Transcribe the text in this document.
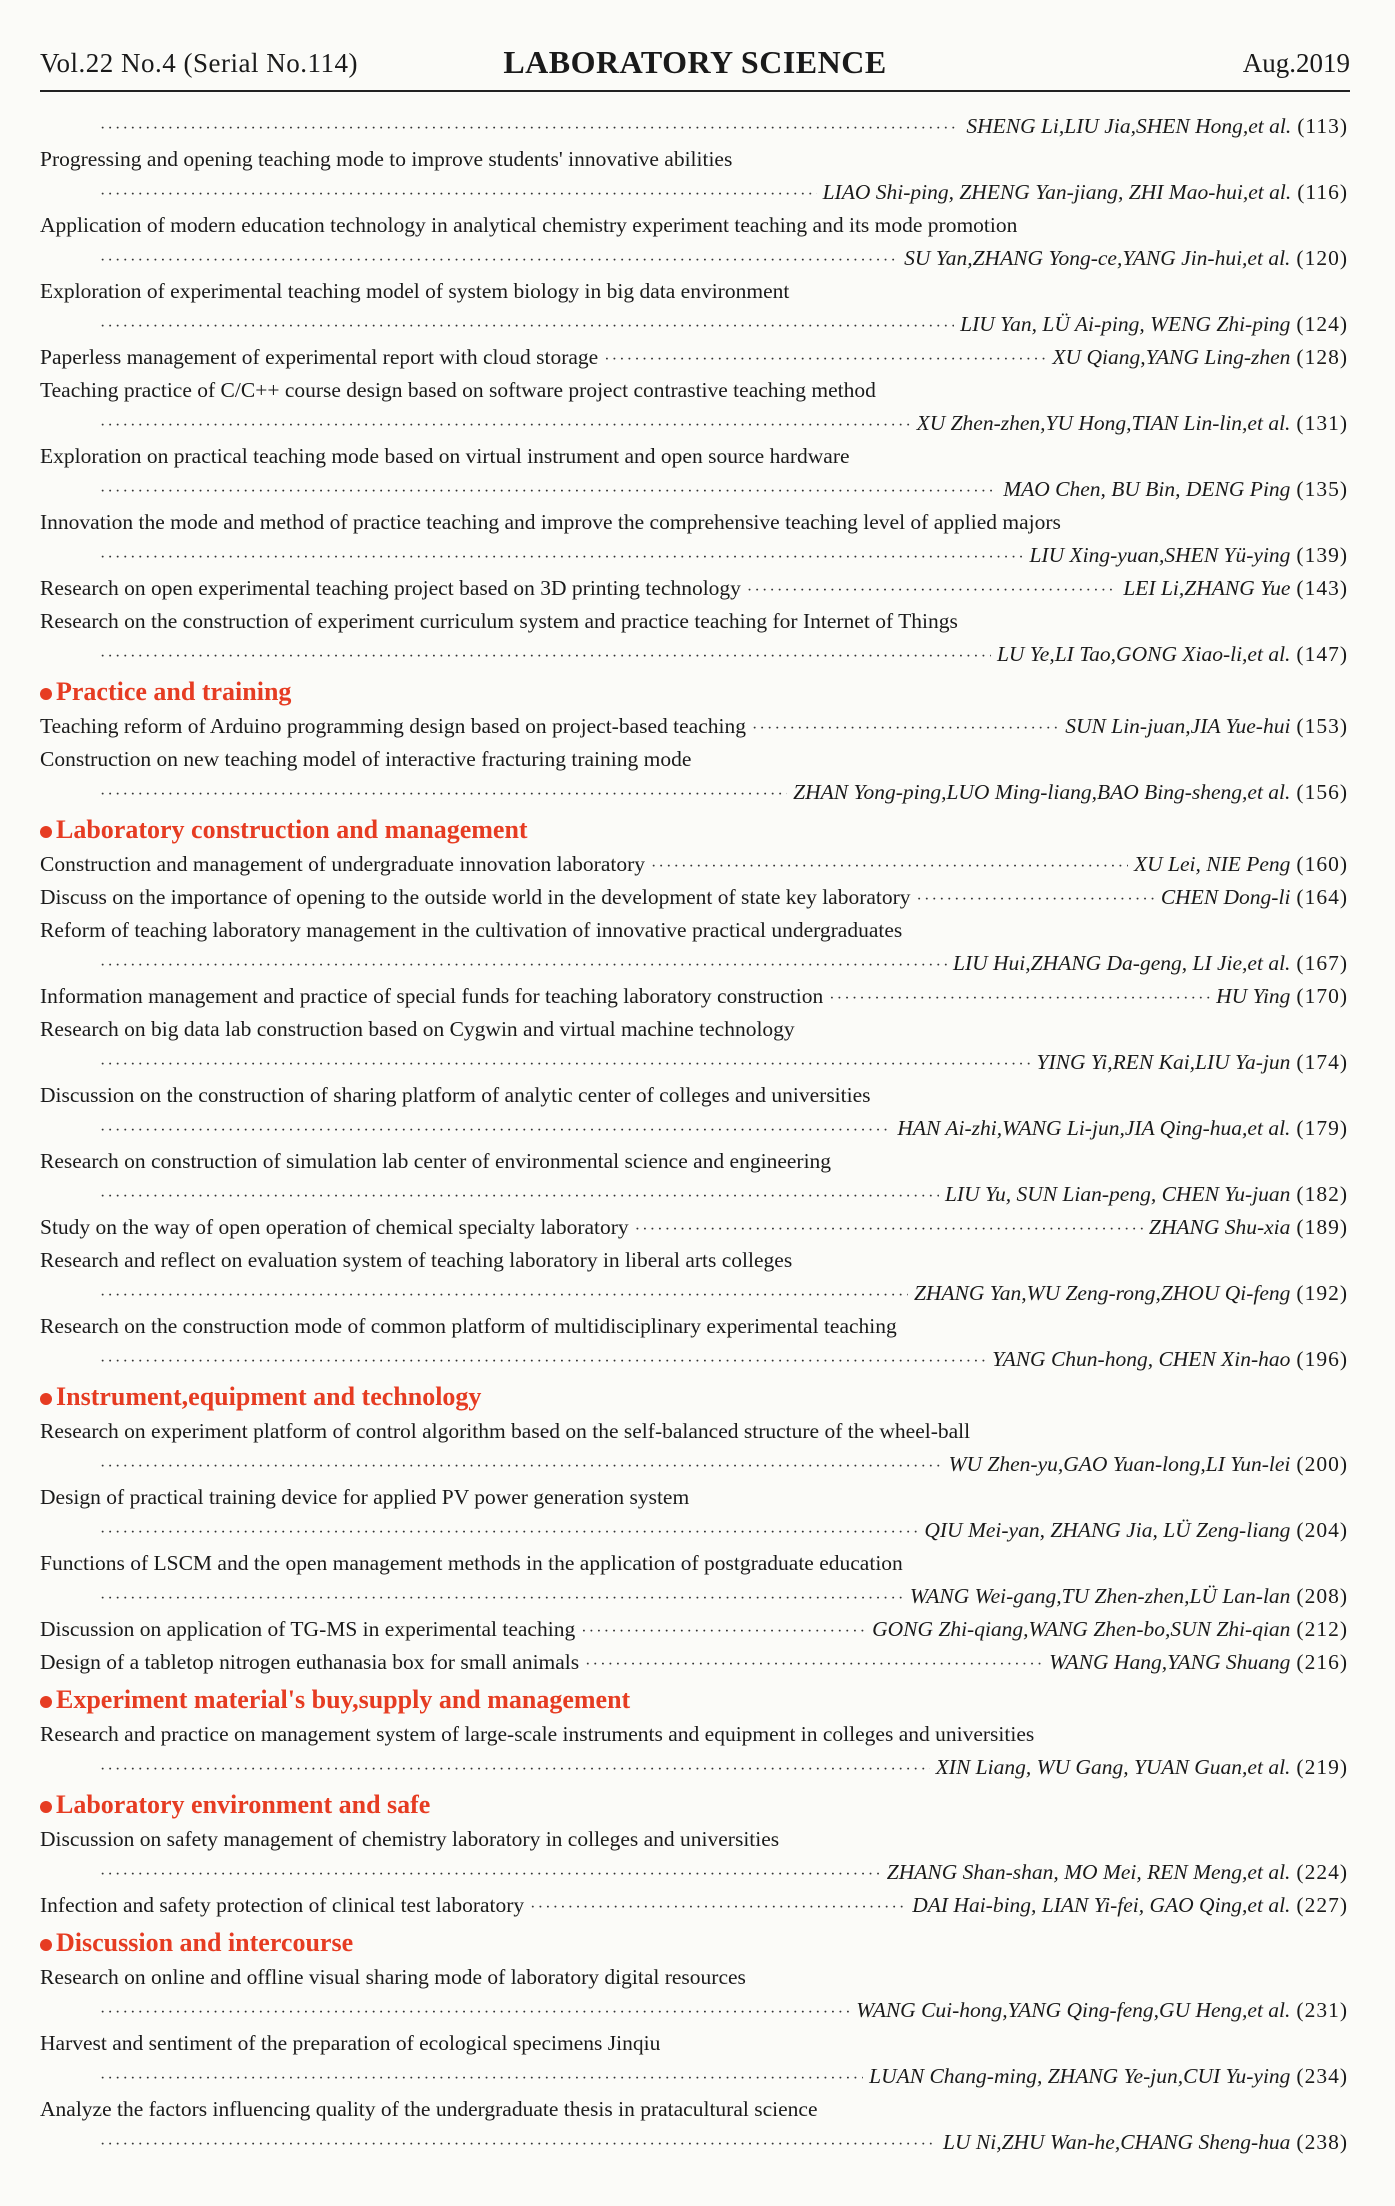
Vol.22 No.4 (Serial No.114)	LABORATORY SCIENCE	Aug.2019
·····
SHENG Li,LIU Jia,SHEN Hong,et al. (113)
Progressing and opening teaching mode to improve students' innovative abilities
·····
LIAO Shi-ping, ZHENG Yan-jiang, ZHI Mao-hui,et al. (116)
Application of modern education technology in analytical chemistry experiment teaching and its mode promotion
·····
SU Yan,ZHANG Yong-ce,YANG Jin-hui,et al. (120)
Exploration of experimental teaching model of system biology in big data environment
·····
LIU Yan, LÜ Ai-ping, WENG Zhi-ping (124)
Paperless management of experimental report with cloud storage ·····	XU Qiang,YANG Ling-zhen (128)
Teaching practice of C/C++ course design based on software project contrastive teaching method
·····
XU Zhen-zhen,YU Hong,TIAN Lin-lin,et al. (131)
Exploration on practical teaching mode based on virtual instrument and open source hardware
·····
MAO Chen, BU Bin, DENG Ping (135)
Innovation the mode and method of practice teaching and improve the comprehensive teaching level of applied majors
·····
LIU Xing-yuan,SHEN Yü-ying (139)
Research on open experimental teaching project based on 3D printing technology ·····	LEI Li,ZHANG Yue (143)
Research on the construction of experiment curriculum system and practice teaching for Internet of Things
·····
LU Ye,LI Tao,GONG Xiao-li,et al. (147)
Practice and training
Teaching reform of Arduino programming design based on project-based teaching ·····	SUN Lin-juan,JIA Yue-hui (153)
Construction on new teaching model of interactive fracturing training mode
·····
ZHAN Yong-ping,LUO Ming-liang,BAO Bing-sheng,et al. (156)
Laboratory construction and management
Construction and management of undergraduate innovation laboratory ·····	XU Lei, NIE Peng (160)
Discuss on the importance of opening to the outside world in the development of state key laboratory ·····	CHEN Dong-li (164)
Reform of teaching laboratory management in the cultivation of innovative practical undergraduates
·····
LIU Hui,ZHANG Da-geng, LI Jie,et al. (167)
Information management and practice of special funds for teaching laboratory construction ·····	HU Ying (170)
Research on big data lab construction based on Cygwin and virtual machine technology
·····
YING Yi,REN Kai,LIU Ya-jun (174)
Discussion on the construction of sharing platform of analytic center of colleges and universities
·····
HAN Ai-zhi,WANG Li-jun,JIA Qing-hua,et al. (179)
Research on construction of simulation lab center of environmental science and engineering
·····
LIU Yu, SUN Lian-peng, CHEN Yu-juan (182)
Study on the way of open operation of chemical specialty laboratory ·····	ZHANG Shu-xia (189)
Research and reflect on evaluation system of teaching laboratory in liberal arts colleges
·····
ZHANG Yan,WU Zeng-rong,ZHOU Qi-feng (192)
Research on the construction mode of common platform of multidisciplinary experimental teaching
·····
YANG Chun-hong, CHEN Xin-hao (196)
Instrument,equipment and technology
Research on experiment platform of control algorithm based on the self-balanced structure of the wheel-ball
·····
WU Zhen-yu,GAO Yuan-long,LI Yun-lei (200)
Design of practical training device for applied PV power generation system
·····
QIU Mei-yan, ZHANG Jia, LÜ Zeng-liang (204)
Functions of LSCM and the open management methods in the application of postgraduate education
·····
WANG Wei-gang,TU Zhen-zhen,LÜ Lan-lan (208)
Discussion on application of TG-MS in experimental teaching ·····	GONG Zhi-qiang,WANG Zhen-bo,SUN Zhi-qian (212)
Design of a tabletop nitrogen euthanasia box for small animals ·····	WANG Hang,YANG Shuang (216)
Experiment material's buy,supply and management
Research and practice on management system of large-scale instruments and equipment in colleges and universities
·····
XIN Liang, WU Gang, YUAN Guan,et al. (219)
Laboratory environment and safe
Discussion on safety management of chemistry laboratory in colleges and universities
·····
ZHANG Shan-shan, MO Mei, REN Meng,et al. (224)
Infection and safety protection of clinical test laboratory ·····	DAI Hai-bing, LIAN Yi-fei, GAO Qing,et al. (227)
Discussion and intercourse
Research on online and offline visual sharing mode of laboratory digital resources
·····
WANG Cui-hong,YANG Qing-feng,GU Heng,et al. (231)
Harvest and sentiment of the preparation of ecological specimens Jinqiu
·····
LUAN Chang-ming, ZHANG Ye-jun,CUI Yu-ying (234)
Analyze the factors influencing quality of the undergraduate thesis in pratacultural science
·····
LU Ni,ZHU Wan-he,CHANG Sheng-hua (238)
